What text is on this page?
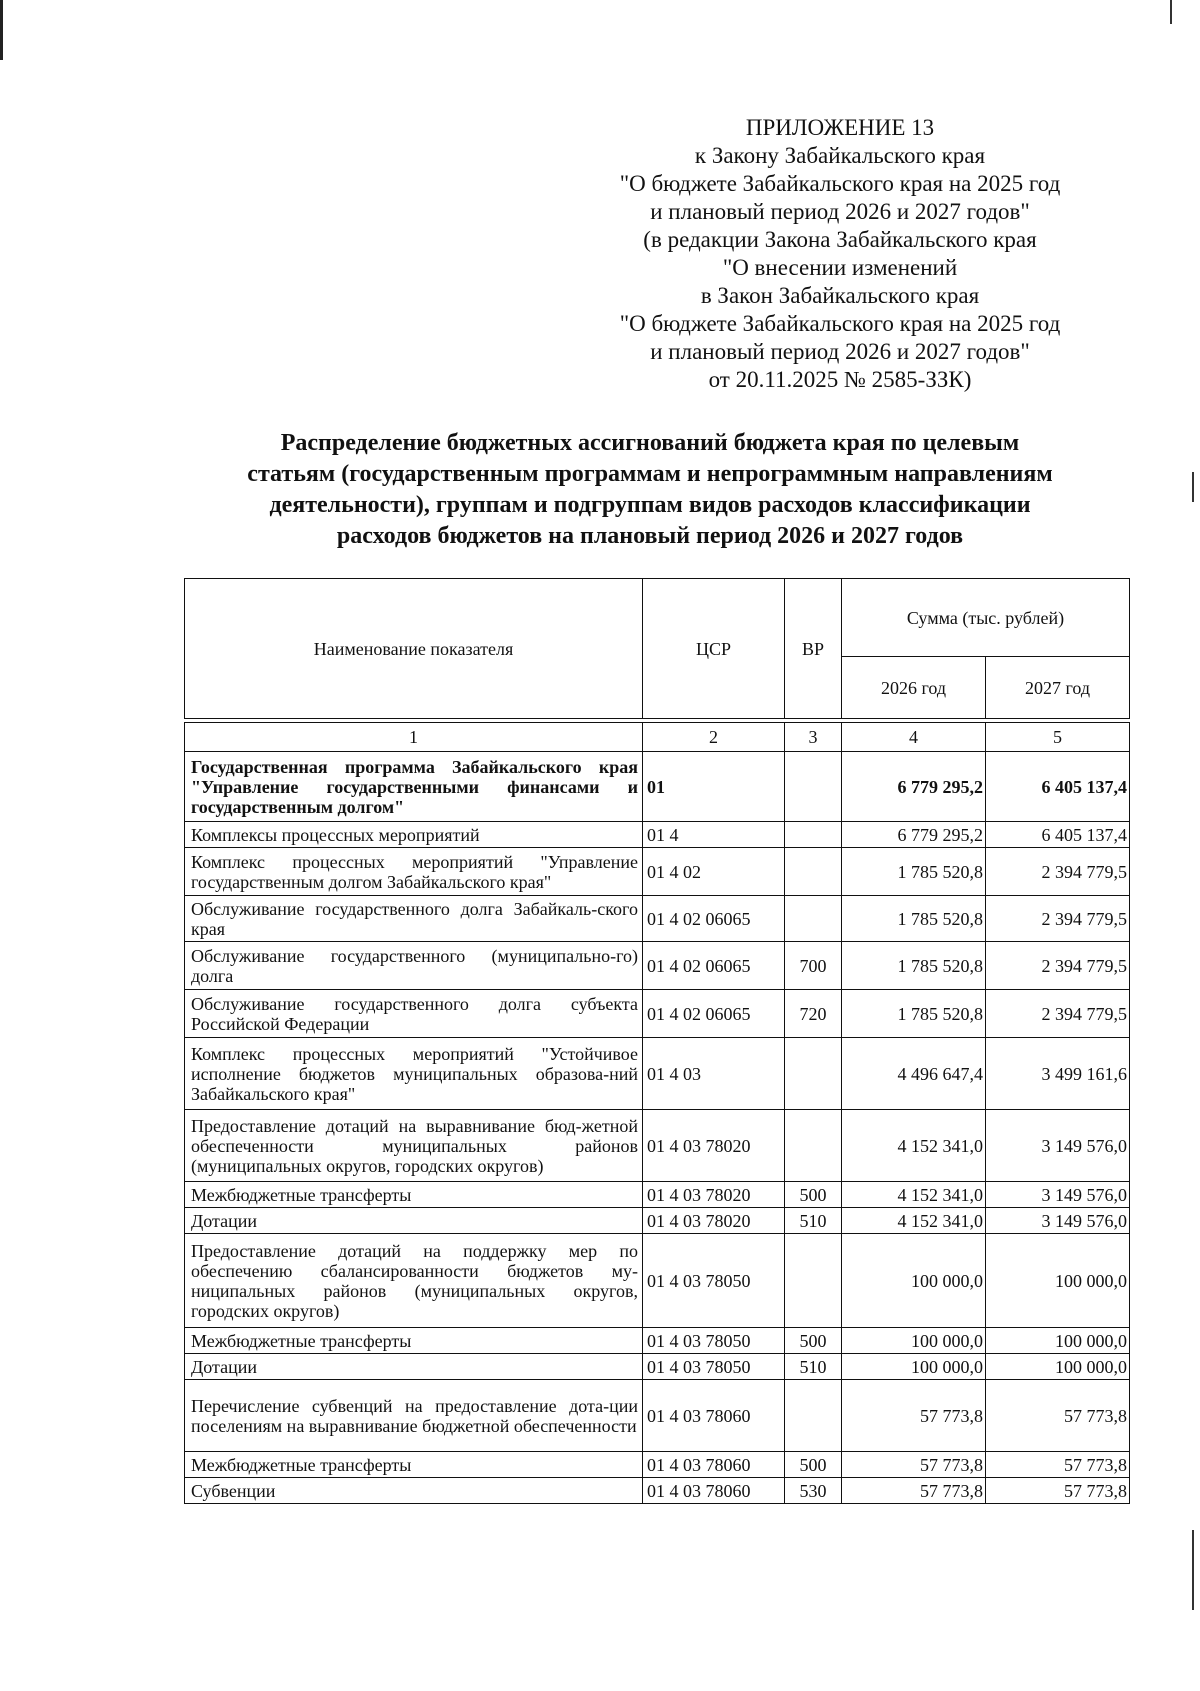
ПРИЛОЖЕНИЕ 13
к Закону Забайкальского края
"О бюджете Забайкальского края на 2025 год
и плановый период 2026 и 2027 годов"
(в редакции Закона Забайкальского края
"О внесении изменений
в Закон Забайкальского края
"О бюджете Забайкальского края на 2025 год
и плановый период 2026 и 2027 годов"
от 20.11.2025 № 2585-ЗЗК)
Распределение бюджетных ассигнований бюджета края по целевым
статьям (государственным программам и непрограммным направлениям
деятельности), группам и подгруппам видов расходов классификации
расходов бюджетов на плановый период 2026 и 2027 годов
Наименование показателя	ЦСР	ВР	Сумма (тыс. рублей)	
			2026 год	2027 год
1	2	3	4	5
Государственная программа Забайкальского края "Управление государственными финансами и государственным долгом"	01		6 779 295,2	6 405 137,4
Комплексы процессных мероприятий	01 4		6 779 295,2	6 405 137,4
Комплекс процессных мероприятий "Управление государственным долгом Забайкальского края"	01 4 02		1 785 520,8	2 394 779,5
Обслуживание государственного долга Забайкаль-ского края	01 4 02 06065		1 785 520,8	2 394 779,5
Обслуживание государственного (муниципально-го) долга	01 4 02 06065	700	1 785 520,8	2 394 779,5
Обслуживание государственного долга субъекта Российской Федерации	01 4 02 06065	720	1 785 520,8	2 394 779,5
Комплекс процессных мероприятий "Устойчивое исполнение бюджетов муниципальных образова-ний Забайкальского края"	01 4 03		4 496 647,4	3 499 161,6
Предоставление дотаций на выравнивание бюд-жетной обеспеченности муниципальных районов (муниципальных округов, городских округов)	01 4 03 78020		4 152 341,0	3 149 576,0
Межбюджетные трансферты	01 4 03 78020	500	4 152 341,0	3 149 576,0
Дотации	01 4 03 78020	510	4 152 341,0	3 149 576,0
Предоставление дотаций на поддержку мер по обеспечению сбалансированности бюджетов му-ниципальных районов (муниципальных округов, городских округов)	01 4 03 78050		100 000,0	100 000,0
Межбюджетные трансферты	01 4 03 78050	500	100 000,0	100 000,0
Дотации	01 4 03 78050	510	100 000,0	100 000,0
Перечисление субвенций на предоставление дота-ции поселениям на выравнивание бюджетной обеспеченности	01 4 03 78060		57 773,8	57 773,8
Межбюджетные трансферты	01 4 03 78060	500	57 773,8	57 773,8
Субвенции	01 4 03 78060	530	57 773,8	57 773,8
